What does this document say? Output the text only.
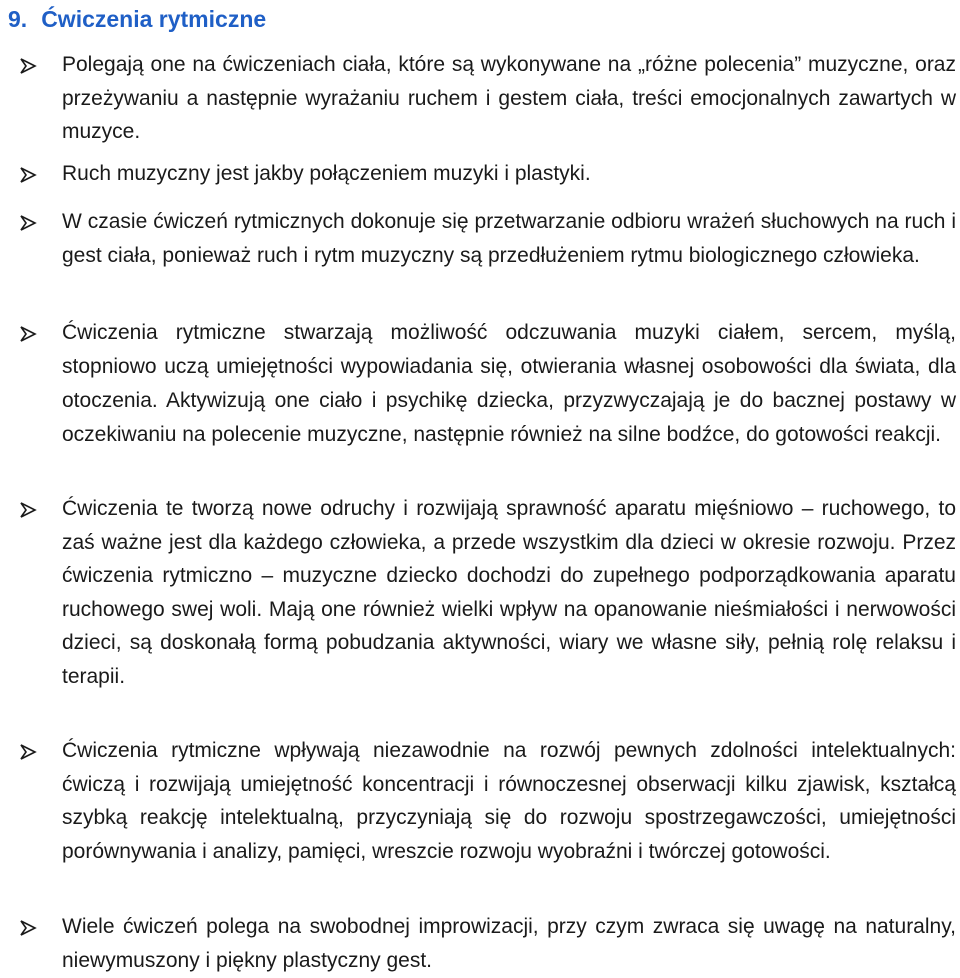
9. Ćwiczenia rytmiczne

Polegają one na ćwiczeniach ciała, które są wykonywane na „różne polecenia” muzyczne, oraz przeżywaniu a następnie wyrażaniu ruchem i gestem ciała, treści emocjonalnych zawartych w muzyce.

Ruch muzyczny jest jakby połączeniem muzyki i plastyki.

W czasie ćwiczeń rytmicznych dokonuje się przetwarzanie odbioru wrażeń słuchowych na ruch i gest ciała, ponieważ ruch i rytm muzyczny są przedłużeniem rytmu biologicznego człowieka.

Ćwiczenia rytmiczne stwarzają możliwość odczuwania muzyki ciałem, sercem, myślą, stopniowo uczą umiejętności wypowiadania się, otwierania własnej osobowości dla świata, dla otoczenia. Aktywizują one ciało i psychikę dziecka, przyzwyczajają je do bacznej postawy w oczekiwaniu na polecenie muzyczne, następnie również na silne bodźce, do gotowości reakcji.

Ćwiczenia te tworzą nowe odruchy i rozwijają sprawność aparatu mięśniowo – ruchowego, to zaś ważne jest dla każdego człowieka, a przede wszystkim dla dzieci w okresie rozwoju. Przez ćwiczenia rytmiczno – muzyczne dziecko dochodzi do zupełnego podporządkowania aparatu ruchowego swej woli. Mają one również wielki wpływ na opanowanie nieśmiałości i nerwowości dzieci, są doskonałą formą pobudzania aktywności, wiary we własne siły, pełnią rolę relaksu i terapii.

Ćwiczenia rytmiczne wpływają niezawodnie na rozwój pewnych zdolności intelektualnych: ćwiczą i rozwijają umiejętność koncentracji i równoczesnej obserwacji kilku zjawisk, kształcą szybką reakcję intelektualną, przyczyniają się do rozwoju spostrzegawczości, umiejętności porównywania i analizy, pamięci, wreszcie rozwoju wyobraźni i twórczej gotowości.

Wiele ćwiczeń polega na swobodnej improwizacji, przy czym zwraca się uwagę na naturalny, niewymuszony i piękny plastyczny gest.
